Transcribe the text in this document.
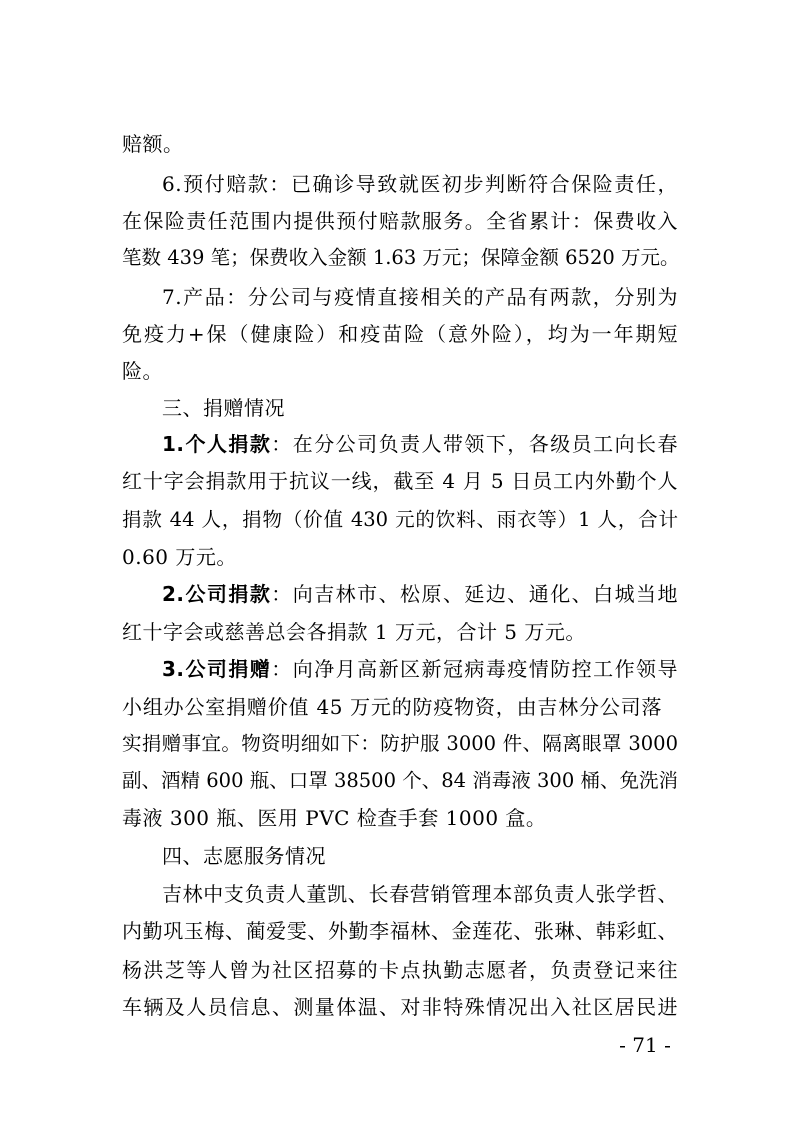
赔额。
6.预付赔款：已确诊导致就医初步判断符合保险责任，
在保险责任范围内提供预付赔款服务。全省累计：保费收入
笔数 439 笔；保费收入金额 1.63 万元；保障金额 6520 万元。
7.产品：分公司与疫情直接相关的产品有两款，分别为
免疫力+保（健康险）和疫苗险（意外险），均为一年期短
险。
三、捐赠情况
1.个人捐款：在分公司负责人带领下，各级员工向长春
红十字会捐款用于抗议一线，截至 4 月 5 日员工内外勤个人
捐款 44 人，捐物（价值 430 元的饮料、雨衣等）1 人，合计
0.60 万元。
2.公司捐款：向吉林市、松原、延边、通化、白城当地
红十字会或慈善总会各捐款 1 万元，合计 5 万元。
3.公司捐赠：向净月高新区新冠病毒疫情防控工作领导
小组办公室捐赠价值 45 万元的防疫物资，由吉林分公司落
实捐赠事宜。物资明细如下：防护服 3000 件、隔离眼罩 3000
副、酒精 600 瓶、口罩 38500 个、84 消毒液 300 桶、免洗消
毒液 300 瓶、医用 PVC 检查手套 1000 盒。
四、志愿服务情况
吉林中支负责人董凯、长春营销管理本部负责人张学哲、
内勤巩玉梅、蔺爱雯、外勤李福林、金莲花、张琳、韩彩虹、
杨洪芝等人曾为社区招募的卡点执勤志愿者，负责登记来往
车辆及人员信息、测量体温、对非特殊情况出入社区居民进
- 71 -
